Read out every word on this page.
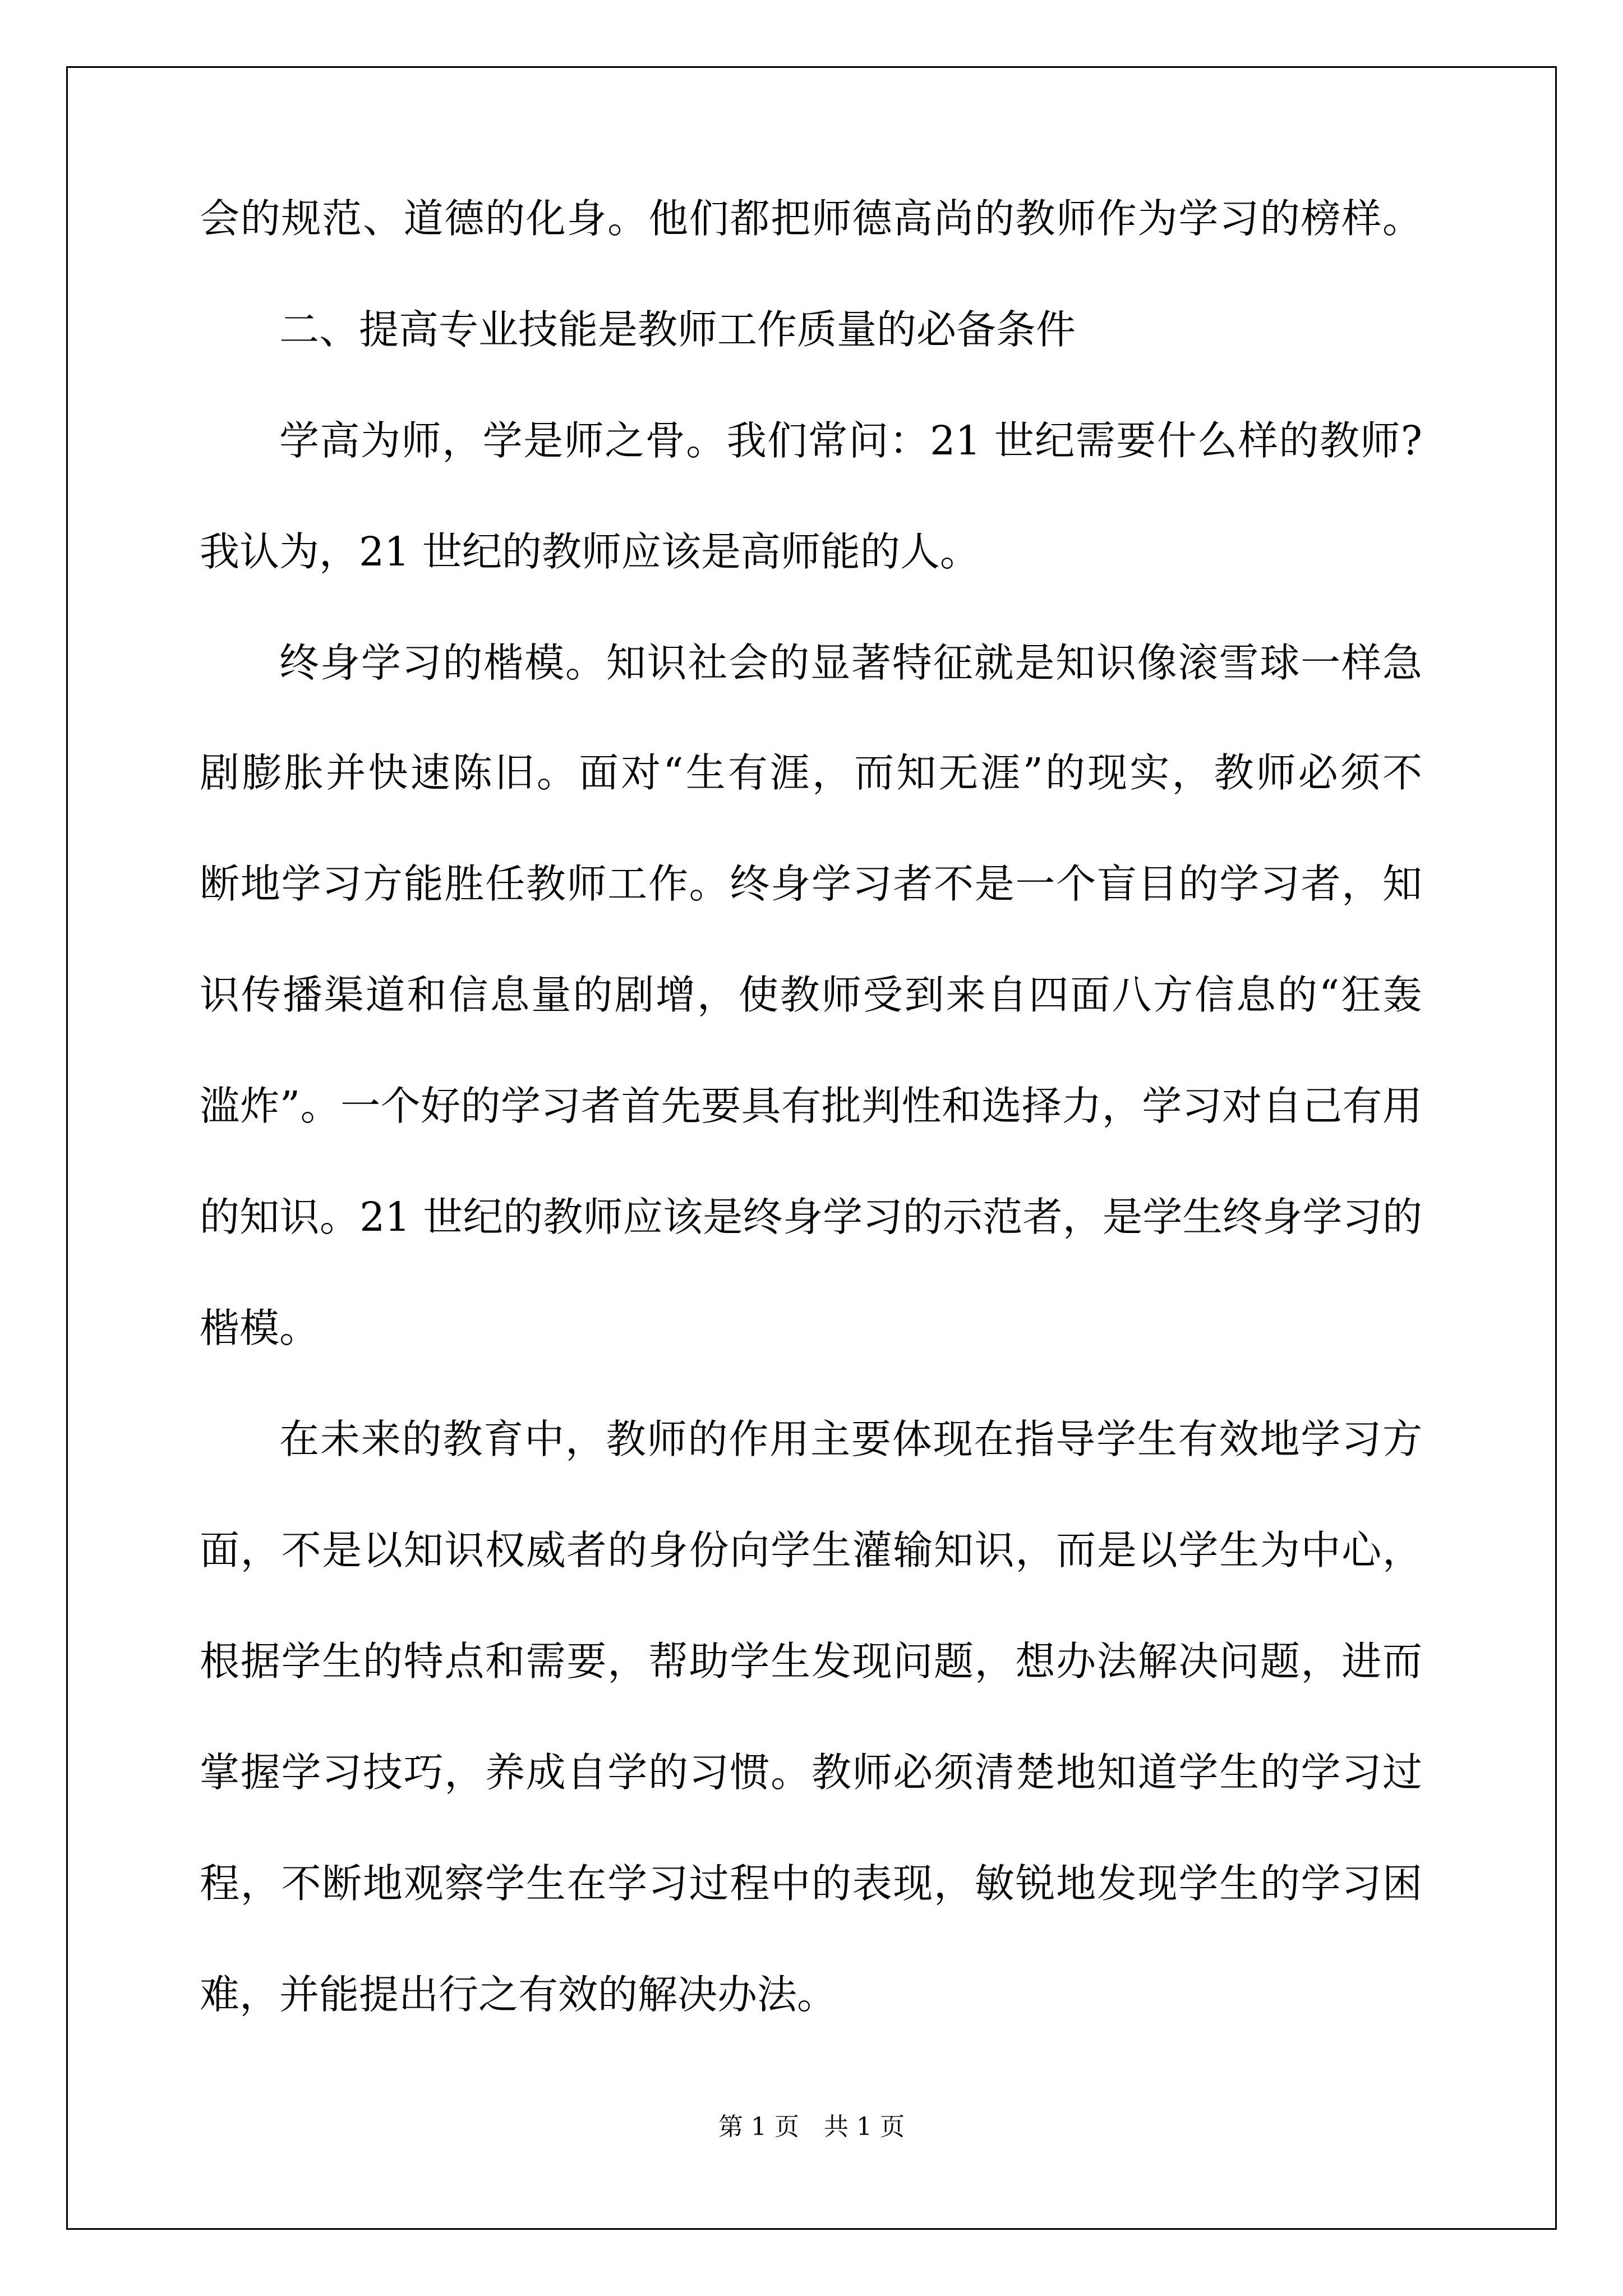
会的规范、道德的化身。他们都把师德高尚的教师作为学习的榜样。
二、提高专业技能是教师工作质量的必备条件
学高为师，学是师之骨。我们常问：21 世纪需要什么样的教师?
我认为，21 世纪的教师应该是高师能的人。
终身学习的楷模。知识社会的显著特征就是知识像滚雪球一样急
剧膨胀并快速陈旧。面对“生有涯，而知无涯”的现实，教师必须不
断地学习方能胜任教师工作。终身学习者不是一个盲目的学习者，知
识传播渠道和信息量的剧增，使教师受到来自四面八方信息的“狂轰
滥炸”。一个好的学习者首先要具有批判性和选择力，学习对自己有用
的知识。21 世纪的教师应该是终身学习的示范者，是学生终身学习的
楷模。
在未来的教育中，教师的作用主要体现在指导学生有效地学习方
面，不是以知识权威者的身份向学生灌输知识，而是以学生为中心，
根据学生的特点和需要，帮助学生发现问题，想办法解决问题，进而
掌握学习技巧，养成自学的习惯。教师必须清楚地知道学生的学习过
程，不断地观察学生在学习过程中的表现，敏锐地发现学生的学习困
难，并能提出行之有效的解决办法。
第 1 页　共 1 页
